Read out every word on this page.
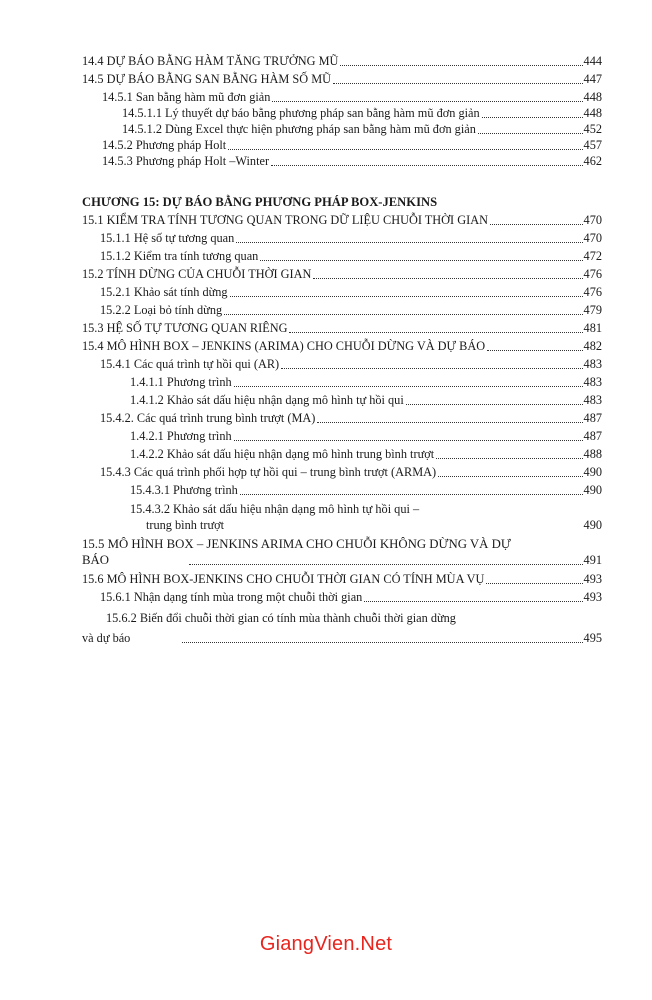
14.4 DỰ BÁO BẰNG HÀM TĂNG TRƯỞNG MŨ	444
14.5 DỰ BÁO BẰNG SAN BẰNG HÀM SỐ MŨ	447
14.5.1 San bằng hàm mũ đơn giản	448
14.5.1.1 Lý thuyết dự báo bằng phương pháp san bằng hàm mũ đơn giản	448
14.5.1.2 Dùng Excel thực hiện phương pháp san bằng hàm mũ đơn giản	452
14.5.2 Phương pháp Holt	457
14.5.3 Phương pháp Holt –Winter	462
CHƯƠNG 15: DỰ BÁO BẰNG PHƯƠNG PHÁP BOX-JENKINS
15.1 KIỂM TRA TÍNH TƯƠNG QUAN TRONG DỮ LIỆU CHUỖI THỜI GIAN	470
15.1.1 Hệ số tự tương quan	470
15.1.2 Kiểm tra tính tương quan	472
15.2 TÍNH DỪNG CỦA CHUỖI THỜI GIAN	476
15.2.1 Khảo sát tính dừng	476
15.2.2 Loại bỏ tính dừng	479
15.3 HỆ SỐ TỰ TƯƠNG QUAN RIÊNG	481
15.4 MÔ HÌNH BOX – JENKINS (ARIMA) CHO CHUỖI DỪNG VÀ DỰ BÁO	482
15.4.1 Các quá trình tự hồi qui (AR)	483
1.4.1.1 Phương trình	483
1.4.1.2 Khảo sát dấu hiệu nhận dạng mô hình tự hồi qui	483
15.4.2. Các quá trình trung bình trượt (MA)	487
1.4.2.1 Phương trình	487
1.4.2.2 Khảo sát dấu hiệu nhận dạng mô hình trung bình trượt	488
15.4.3 Các quá trình phối hợp tự hồi qui – trung bình trượt (ARMA)	490
15.4.3.1 Phương trình	490
15.4.3.2 Khảo sát dấu hiệu nhận dạng mô hình tự hồi qui –
trung bình trượt	490
15.5 MÔ HÌNH BOX – JENKINS ARIMA CHO CHUỖI KHÔNG DỪNG VÀ DỰ
BÁO	491
15.6 MÔ HÌNH BOX-JENKINS CHO CHUỖI THỜI GIAN CÓ TÍNH MÙA VỤ	493
15.6.1 Nhận dạng tính mùa trong một chuỗi thời gian	493
15.6.2 Biến đổi chuỗi thời gian có tính mùa thành chuỗi thời gian dừng
và dự báo	495
GiangVien.Net
